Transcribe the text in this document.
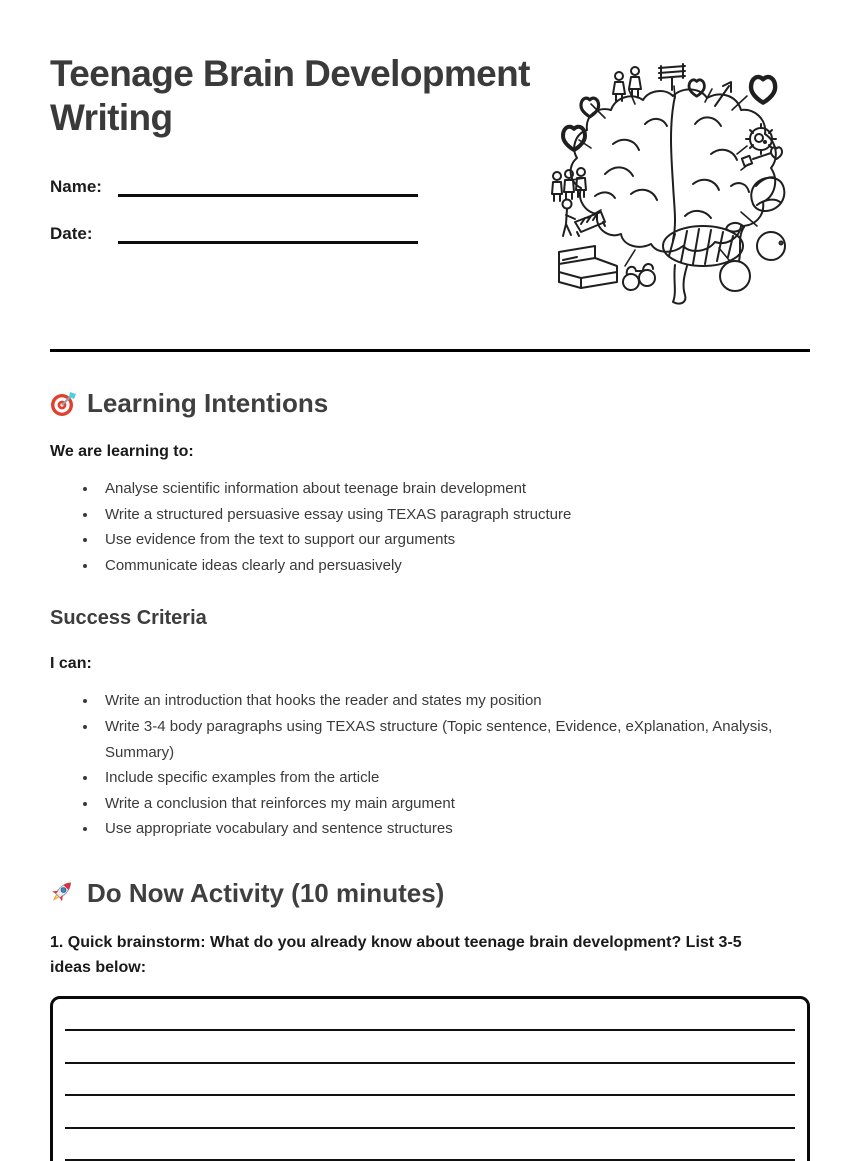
Teenage Brain Development Writing
Name:
Date:
Learning Intentions

We are learning to:

• Analyse scientific information about teenage brain development
• Write a structured persuasive essay using TEXAS paragraph structure
• Use evidence from the text to support our arguments
• Communicate ideas clearly and persuasively
Success Criteria

I can:

• Write an introduction that hooks the reader and states my position
• Write 3-4 body paragraphs using TEXAS structure (Topic sentence, Evidence, eXplanation, Analysis, Summary)
• Include specific examples from the article
• Write a conclusion that reinforces my main argument
• Use appropriate vocabulary and sentence structures
Do Now Activity (10 minutes)

1. Quick brainstorm: What do you already know about teenage brain development? List 3-5 ideas below:
